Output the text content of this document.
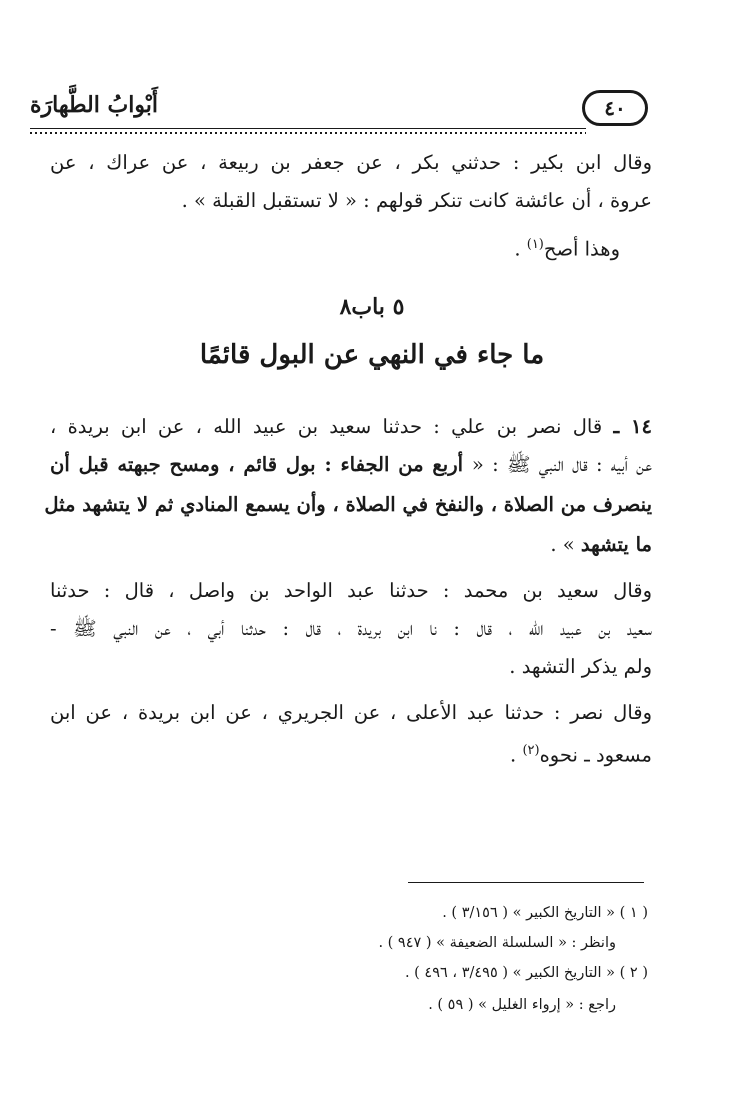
٤٠
أَبْوابُ الطَّهارَة
وقال ابن بكير : حدثني بكر ، عن جعفر بن ربيعة ، عن عراك ، عن
عروة ، أن عائشة كانت تنكر قولهم : « لا تستقبل القبلة » .
وهذا أصح$^{(١)}$ .
٥ باب٨
ما جاء في النهي عن البول قائمًا
١٤ ـ قال نصر بن علي : حدثنا سعيد بن عبيد الله ، عن ابن بريدة ،
عن أبيه : قال النبي ﷺ : « أربع من الجفاء : بول قائم ، ومسح جبهته قبل أن
ينصرف من الصلاة ، والنفخ في الصلاة ، وأن يسمع المنادي ثم لا يتشهد مثل
ما يتشهد » .
وقال سعيد بن محمد : حدثنا عبد الواحد بن واصل ، قال : حدثنا
سعيد بن عبيد الله ، قال : نا ابن بريدة ، قال : حدثنا أبي ، عن النبي ﷺ -
ولم يذكر التشهد .
وقال نصر : حدثنا عبد الأعلى ، عن الجريري ، عن ابن بريدة ، عن ابن
مسعود ـ نحوه$^{(٢)}$ .
( ١ ) « التاريخ الكبير » ( ٣/١٥٦ ) .
وانظر : « السلسلة الضعيفة » ( ٩٤٧ ) .
( ٢ ) « التاريخ الكبير » ( ٣/٤٩٥ ، ٤٩٦ ) .
راجع : « إرواء الغليل » ( ٥٩ ) .
